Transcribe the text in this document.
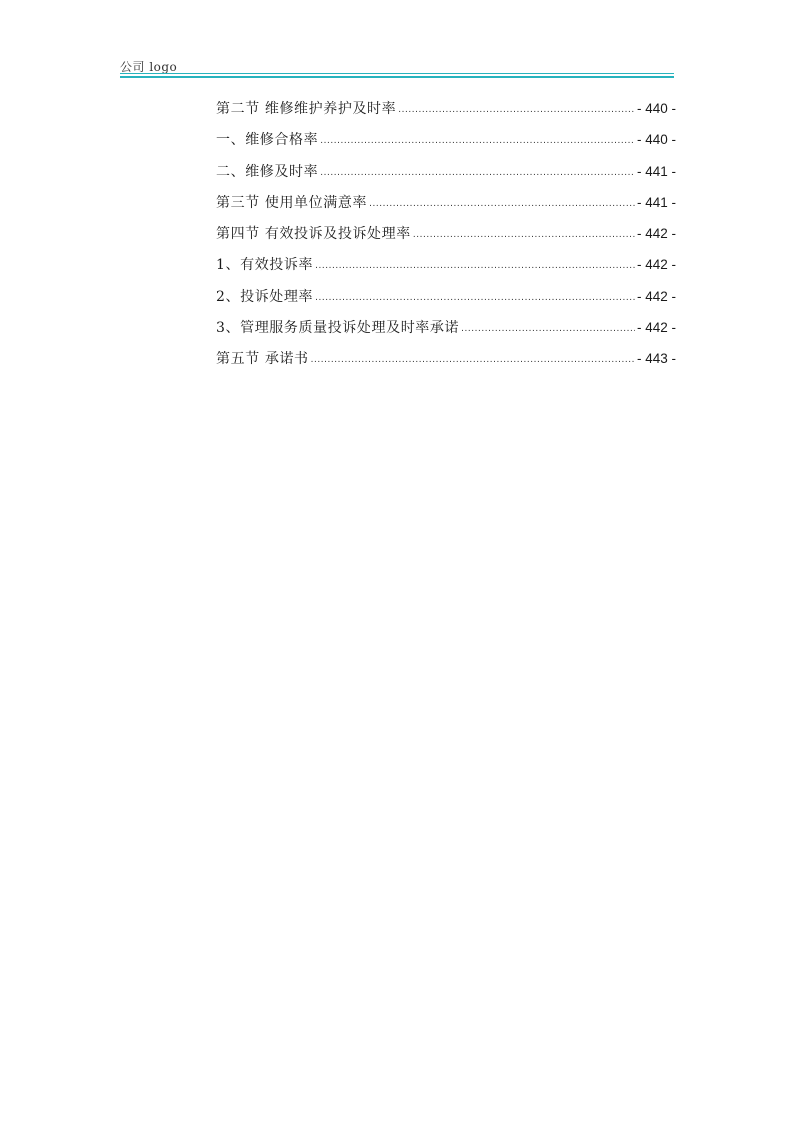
公司 logo
第二节 维修维护养护及时率 .....	- 440 -
一、维修合格率 .....	- 440 -
二、维修及时率 .....	- 441 -
第三节 使用单位满意率 .....	- 441 -
第四节 有效投诉及投诉处理率 .....	- 442 -
1、有效投诉率 .....	- 442 -
2、投诉处理率 .....	- 442 -
3、管理服务质量投诉处理及时率承诺 .....	- 442 -
第五节 承诺书 .....	- 443 -
